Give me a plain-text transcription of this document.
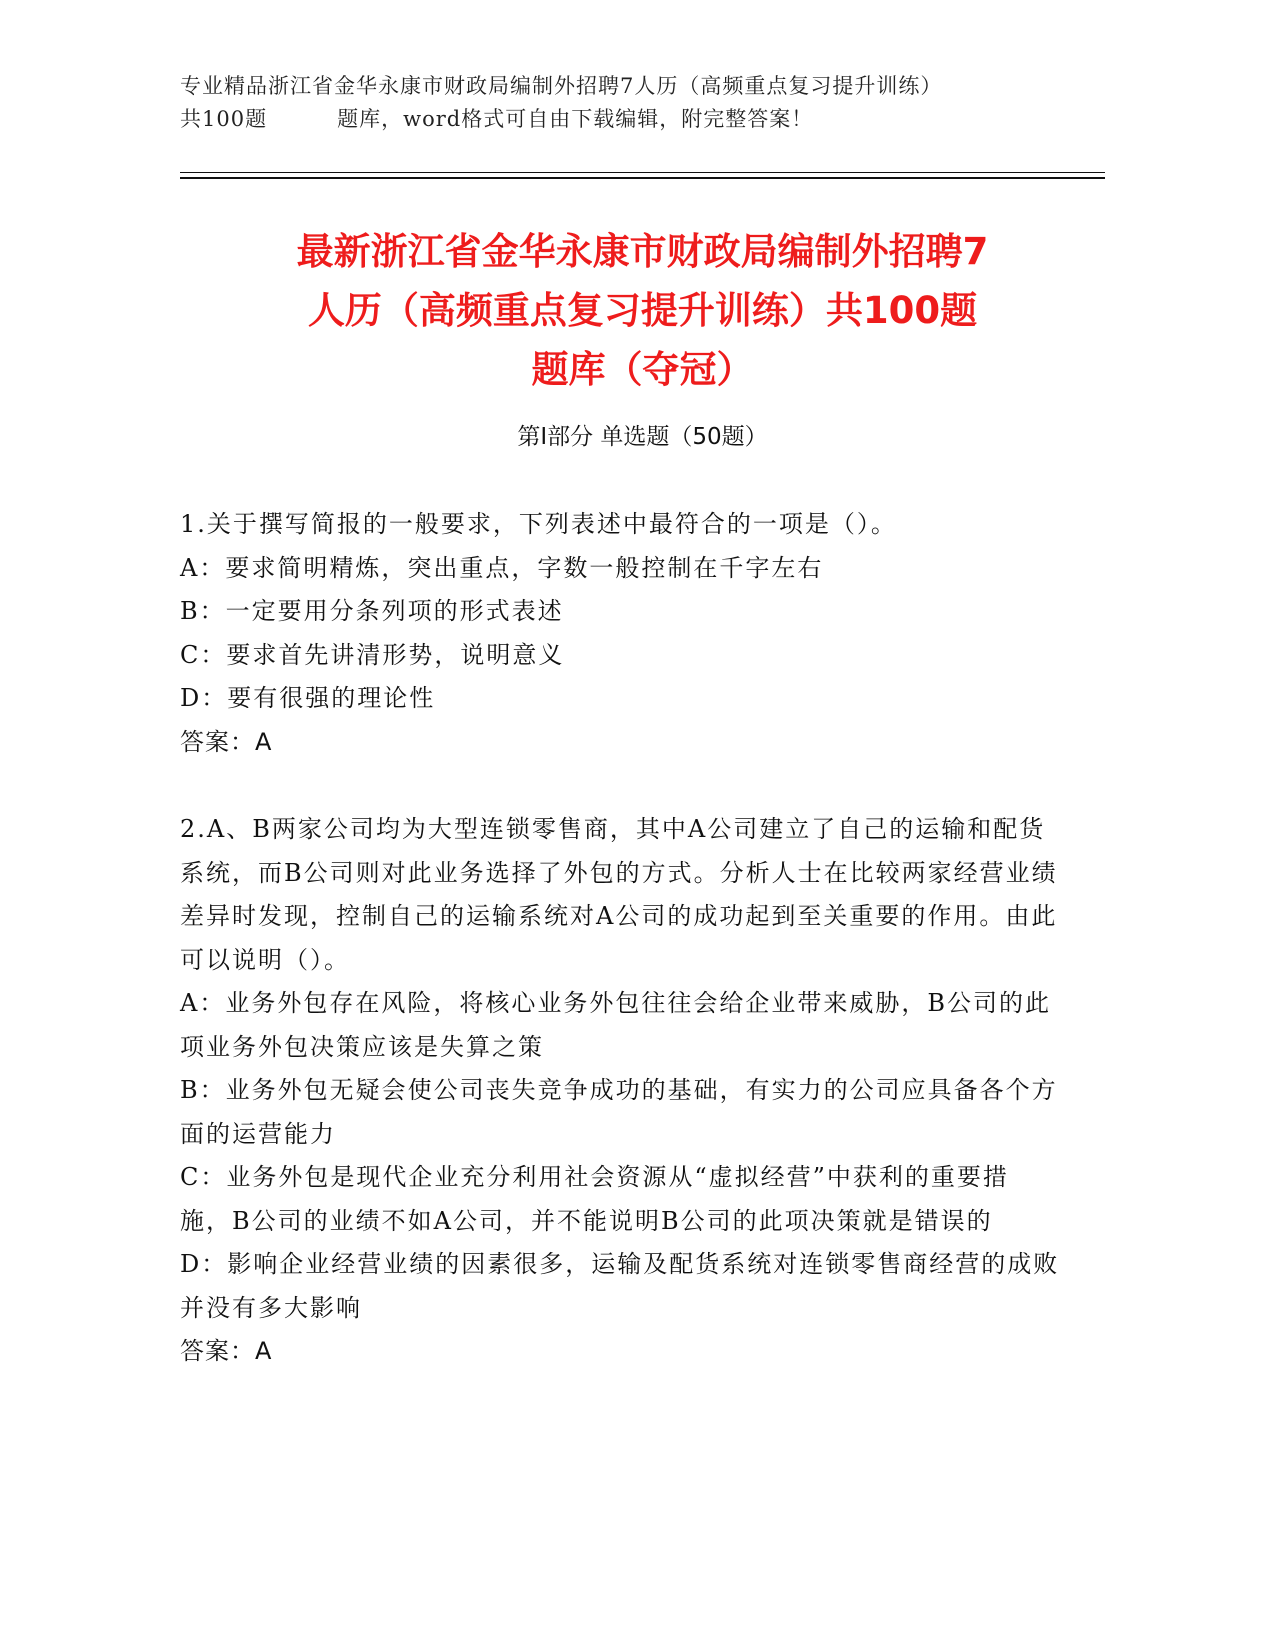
专业精品浙江省金华永康市财政局编制外招聘7人历（高频重点复习提升训练）
共100题	题库，word格式可自由下载编辑，附完整答案！
最新浙江省金华永康市财政局编制外招聘7
人历（高频重点复习提升训练）共100题
题库（夺冠）
第Ⅰ部分 单选题（50题）

1.关于撰写简报的一般要求，下列表述中最符合的一项是（）。

A：要求简明精炼，突出重点，字数一般控制在千字左右

B：一定要用分条列项的形式表述

C：要求首先讲清形势，说明意义

D：要有很强的理论性

答案：A

2.A、B两家公司均为大型连锁零售商，其中A公司建立了自己的运输和配货系统，而B公司则对此业务选择了外包的方式。分析人士在比较两家经营业绩差异时发现，控制自己的运输系统对A公司的成功起到至关重要的作用。由此可以说明（）。

A：业务外包存在风险，将核心业务外包往往会给企业带来威胁，B公司的此项业务外包决策应该是失算之策

B：业务外包无疑会使公司丧失竞争成功的基础，有实力的公司应具备各个方面的运营能力

C：业务外包是现代企业充分利用社会资源从“虚拟经营”中获利的重要措施，B公司的业绩不如A公司，并不能说明B公司的此项决策就是错误的

D：影响企业经营业绩的因素很多，运输及配货系统对连锁零售商经营的成败并没有多大影响

答案：A
